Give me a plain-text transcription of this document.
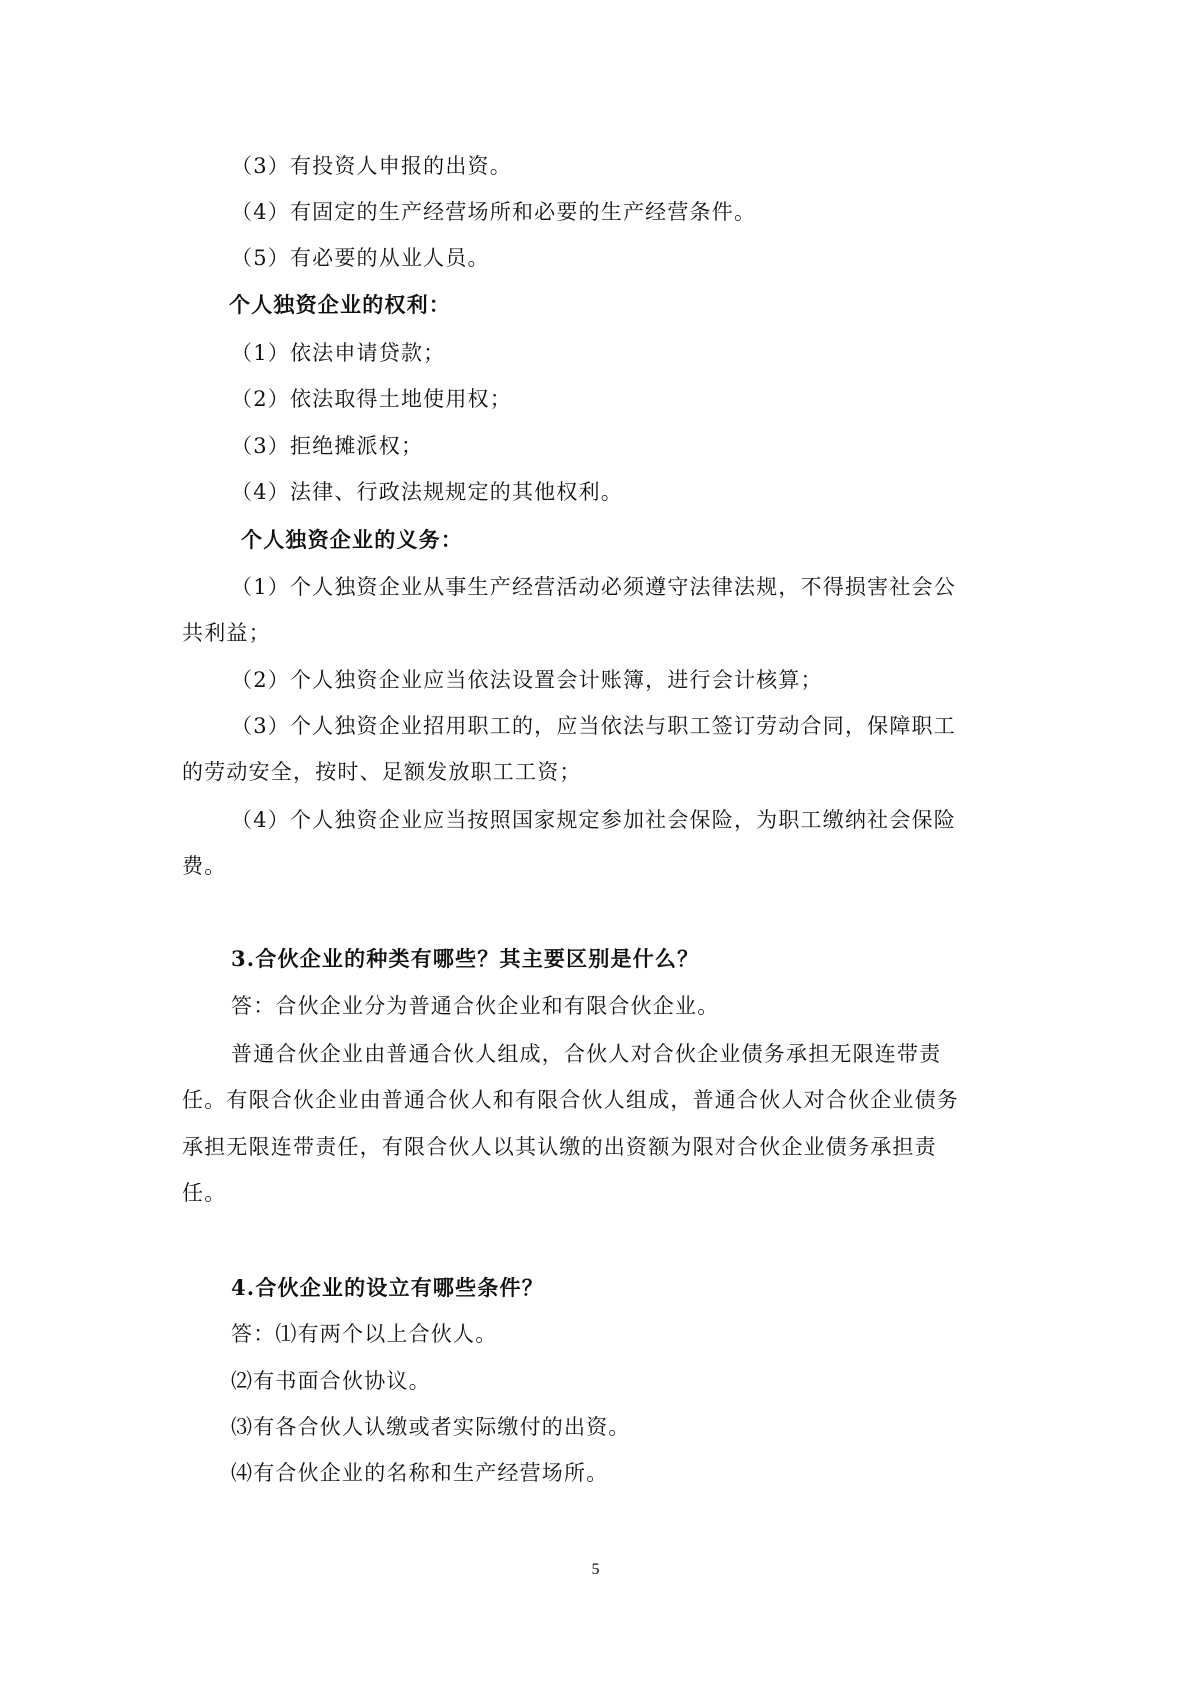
（3）有投资人申报的出资。
（4）有固定的生产经营场所和必要的生产经营条件。
（5）有必要的从业人员。
个人独资企业的权利：
（1）依法申请贷款；
（2）依法取得土地使用权；
（3）拒绝摊派权；
（4）法律、行政法规规定的其他权利。
个人独资企业的义务：
（1）个人独资企业从事生产经营活动必须遵守法律法规，不得损害社会公
共利益；
（2）个人独资企业应当依法设置会计账簿，进行会计核算；
（3）个人独资企业招用职工的，应当依法与职工签订劳动合同，保障职工
的劳动安全，按时、足额发放职工工资；
（4）个人独资企业应当按照国家规定参加社会保险，为职工缴纳社会保险
费。
3.合伙企业的种类有哪些？其主要区别是什么？
答：合伙企业分为普通合伙企业和有限合伙企业。
普通合伙企业由普通合伙人组成，合伙人对合伙企业债务承担无限连带责
任。有限合伙企业由普通合伙人和有限合伙人组成，普通合伙人对合伙企业债务
承担无限连带责任，有限合伙人以其认缴的出资额为限对合伙企业债务承担责
任。
4.合伙企业的设立有哪些条件？
答：⑴有两个以上合伙人。
⑵有书面合伙协议。
⑶有各合伙人认缴或者实际缴付的出资。
⑷有合伙企业的名称和生产经营场所。
5
